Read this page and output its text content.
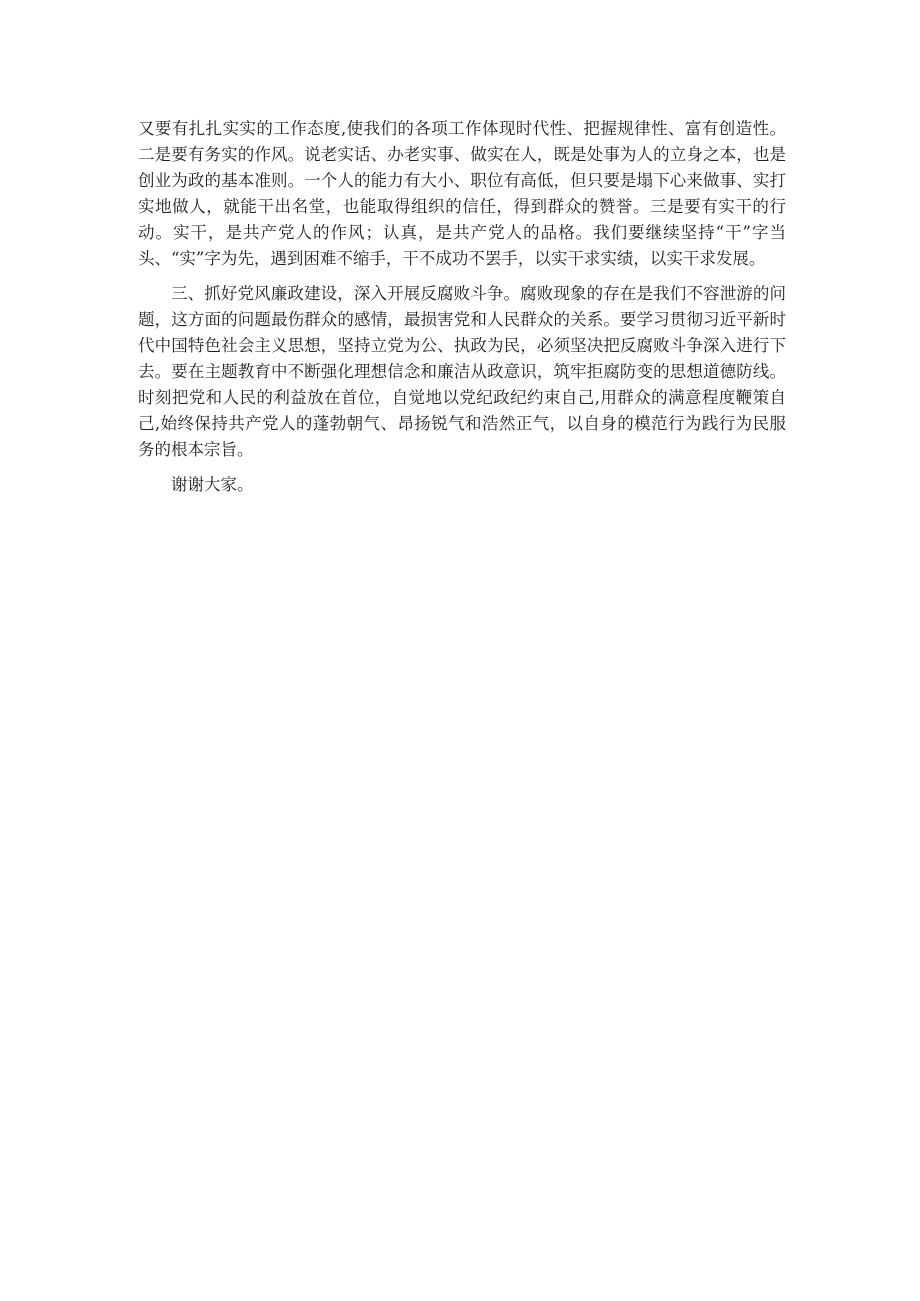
又要有扎扎实实的工作态度,使我们的各项工作体现时代性、把握规律性、富有创造性。二是要有务实的作风。说老实话、办老实事、做实在人，既是处事为人的立身之本，也是创业为政的基本准则。一个人的能力有大小、职位有高低，但只要是塌下心来做事、实打实地做人，就能干出名堂，也能取得组织的信任，得到群众的赞誉。三是要有实干的行动。实干，是共产党人的作风；认真，是共产党人的品格。我们要继续坚持“干”字当头、“实”字为先，遇到困难不缩手，干不成功不罢手，以实干求实绩，以实干求发展。

三、抓好党风廉政建设，深入开展反腐败斗争。腐败现象的存在是我们不容泄游的问题，这方面的问题最伤群众的感情，最损害党和人民群众的关系。要学习贯彻习近平新时代中国特色社会主义思想，坚持立党为公、执政为民，必须坚决把反腐败斗争深入进行下去。要在主题教育中不断强化理想信念和廉洁从政意识，筑牢拒腐防变的思想道德防线。时刻把党和人民的利益放在首位，自觉地以党纪政纪约束自己,用群众的满意程度鞭策自己,始终保持共产党人的蓬勃朝气、昂扬锐气和浩然正气，以自身的模范行为践行为民服务的根本宗旨。

谢谢大家。
